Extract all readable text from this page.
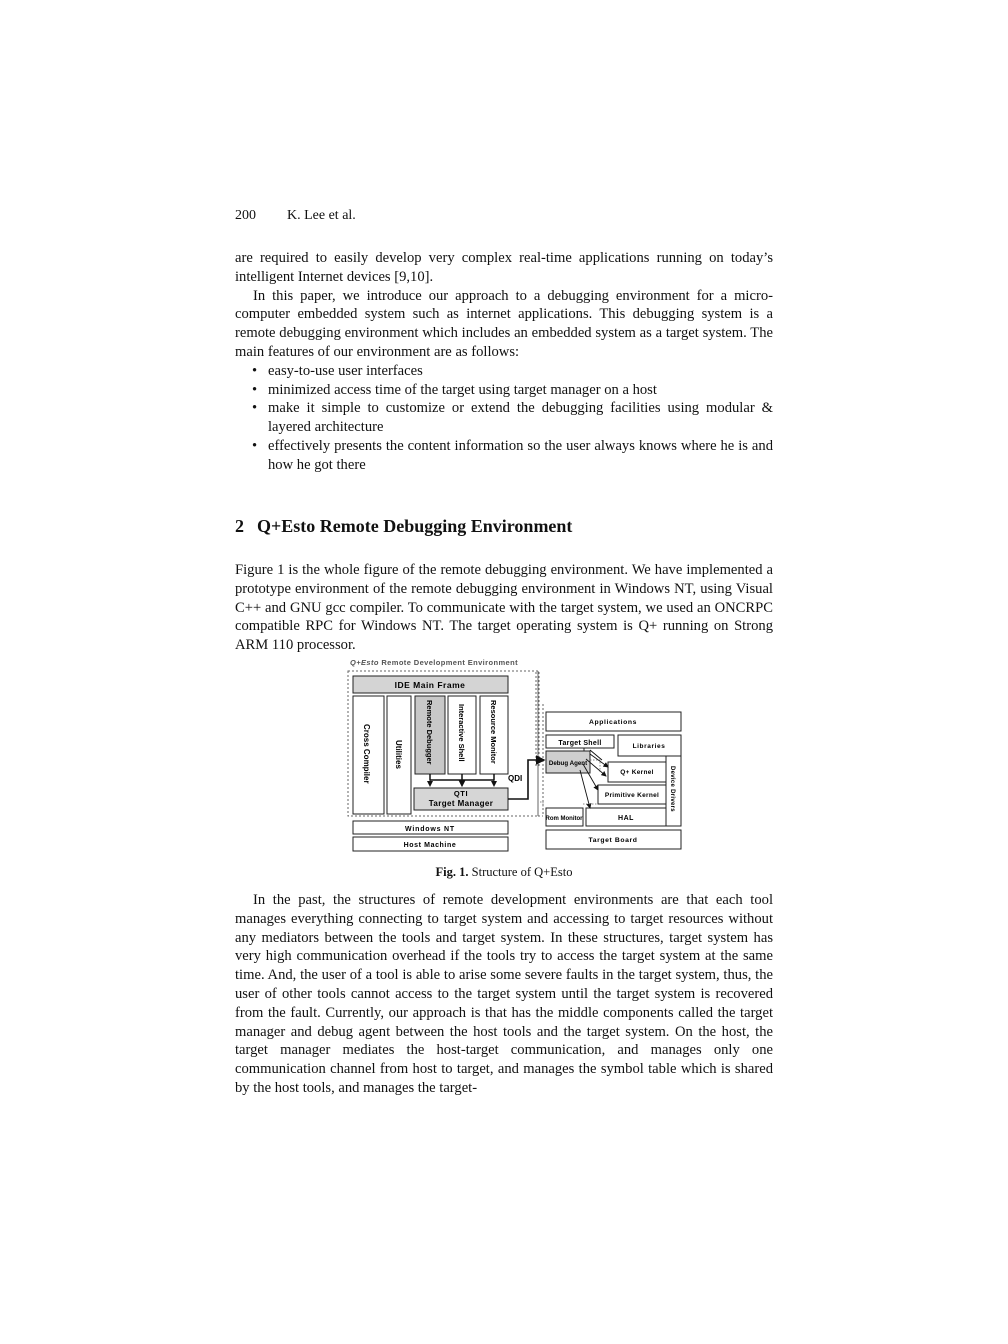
200 K. Lee et al.

are required to easily develop very complex real-time applications running on today’s intelligent Internet devices [9,10].

In this paper, we introduce our approach to a debugging environment for a micro-computer embedded system such as internet applications. This debugging system is a remote debugging environment which includes an embedded system as a target system. The main features of our environment are as follows:

• easy-to-use user interfaces
• minimized access time of the target using target manager on a host
• make it simple to customize or extend the debugging facilities using modular & layered architecture
• effectively presents the content information so the user always knows where he is and how he got there
2 Q+Esto Remote Debugging Environment

Figure 1 is the whole figure of the remote debugging environment. We have implemented a prototype environment of the remote debugging environment in Windows NT, using Visual C++ and GNU gcc compiler. To communicate with the target system, we used an ONCRPC compatible RPC for Windows NT. The target operating system is Q+ running on Strong ARM 110 processor.

Q+Esto Remote Development Environment
IDE Main Frame
Cross Compiler	Utilities	Remote Debugger	Interactive Shell	Resource Monitor
QTI
Target Manager
QDI
Windows NT
Host Machine
Applications
Target Shell	Libraries
Debug Agent
Q+ Kernel	Device Drivers
Primitive Kernel
Rom Monitor	HAL
Target Board
Fig. 1. Structure of Q+Esto

In the past, the structures of remote development environments are that each tool manages everything connecting to target system and accessing to target resources without any mediators between the tools and target system. In these structures, target system has very high communication overhead if the tools try to access the target system at the same time. And, the user of a tool is able to arise some severe faults in the target system, thus, the user of other tools cannot access to the target system until the target system is recovered from the fault. Currently, our approach is that has the middle components called the target manager and debug agent between the host tools and the target system. On the host, the target manager mediates the host-target communication, and manages only one communication channel from host to target, and manages the symbol table which is shared by the host tools, and manages the target-
